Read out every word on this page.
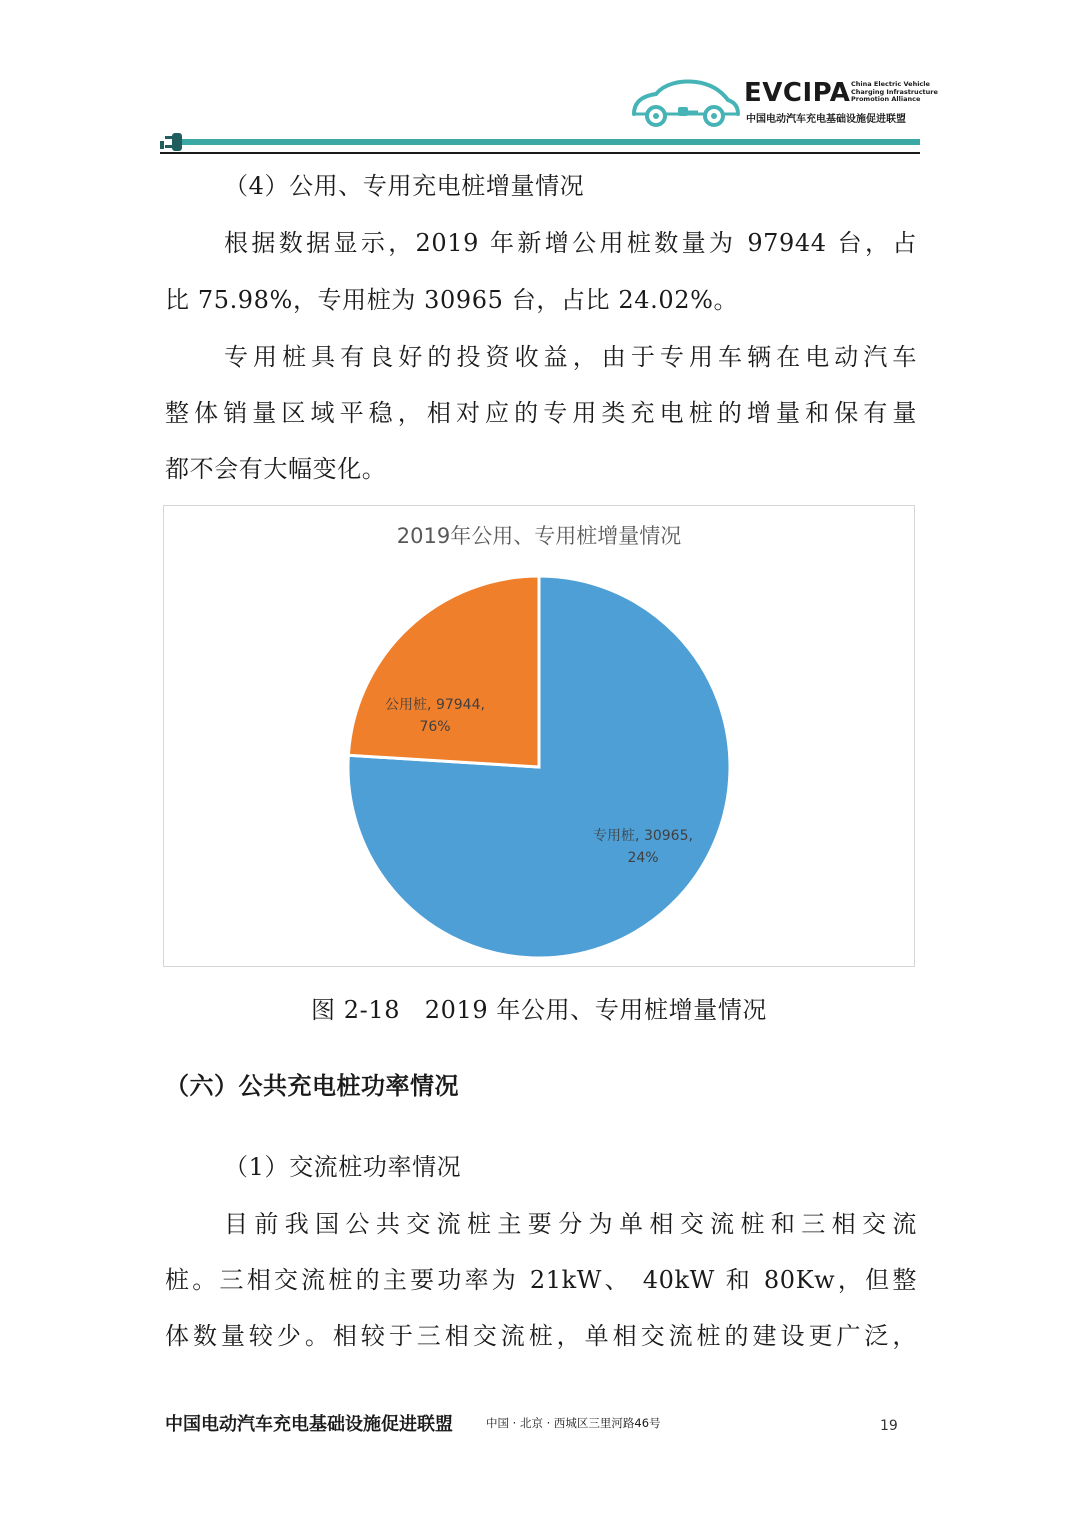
EVCIPA China Electric Vehicle
Charging Infrastructure
Promotion Alliance
中国电动汽车充电基础设施促进联盟
（4）公用、专用充电桩增量情况
根据数据显示，2019 年新增公用桩数量为 97944 台，占
比 75.98%，专用桩为 30965 台，占比 24.02%。
专用桩具有良好的投资收益，由于专用车辆在电动汽车
整体销量区域平稳，相对应的专用类充电桩的增量和保有量
都不会有大幅变化。
2019年公用、专用桩增量情况
公用桩, 97944,
76%
专用桩, 30965,
24%
图 2-18　2019 年公用、专用桩增量情况
（六）公共充电桩功率情况
（1）交流桩功率情况
目前我国公共交流桩主要分为单相交流桩和三相交流
桩。三相交流桩的主要功率为 21kW、 40kW 和 80Kw，但整
体数量较少。相较于三相交流桩，单相交流桩的建设更广泛，
中国电动汽车充电基础设施促进联盟	中国 · 北京 · 西城区三里河路46号	19
